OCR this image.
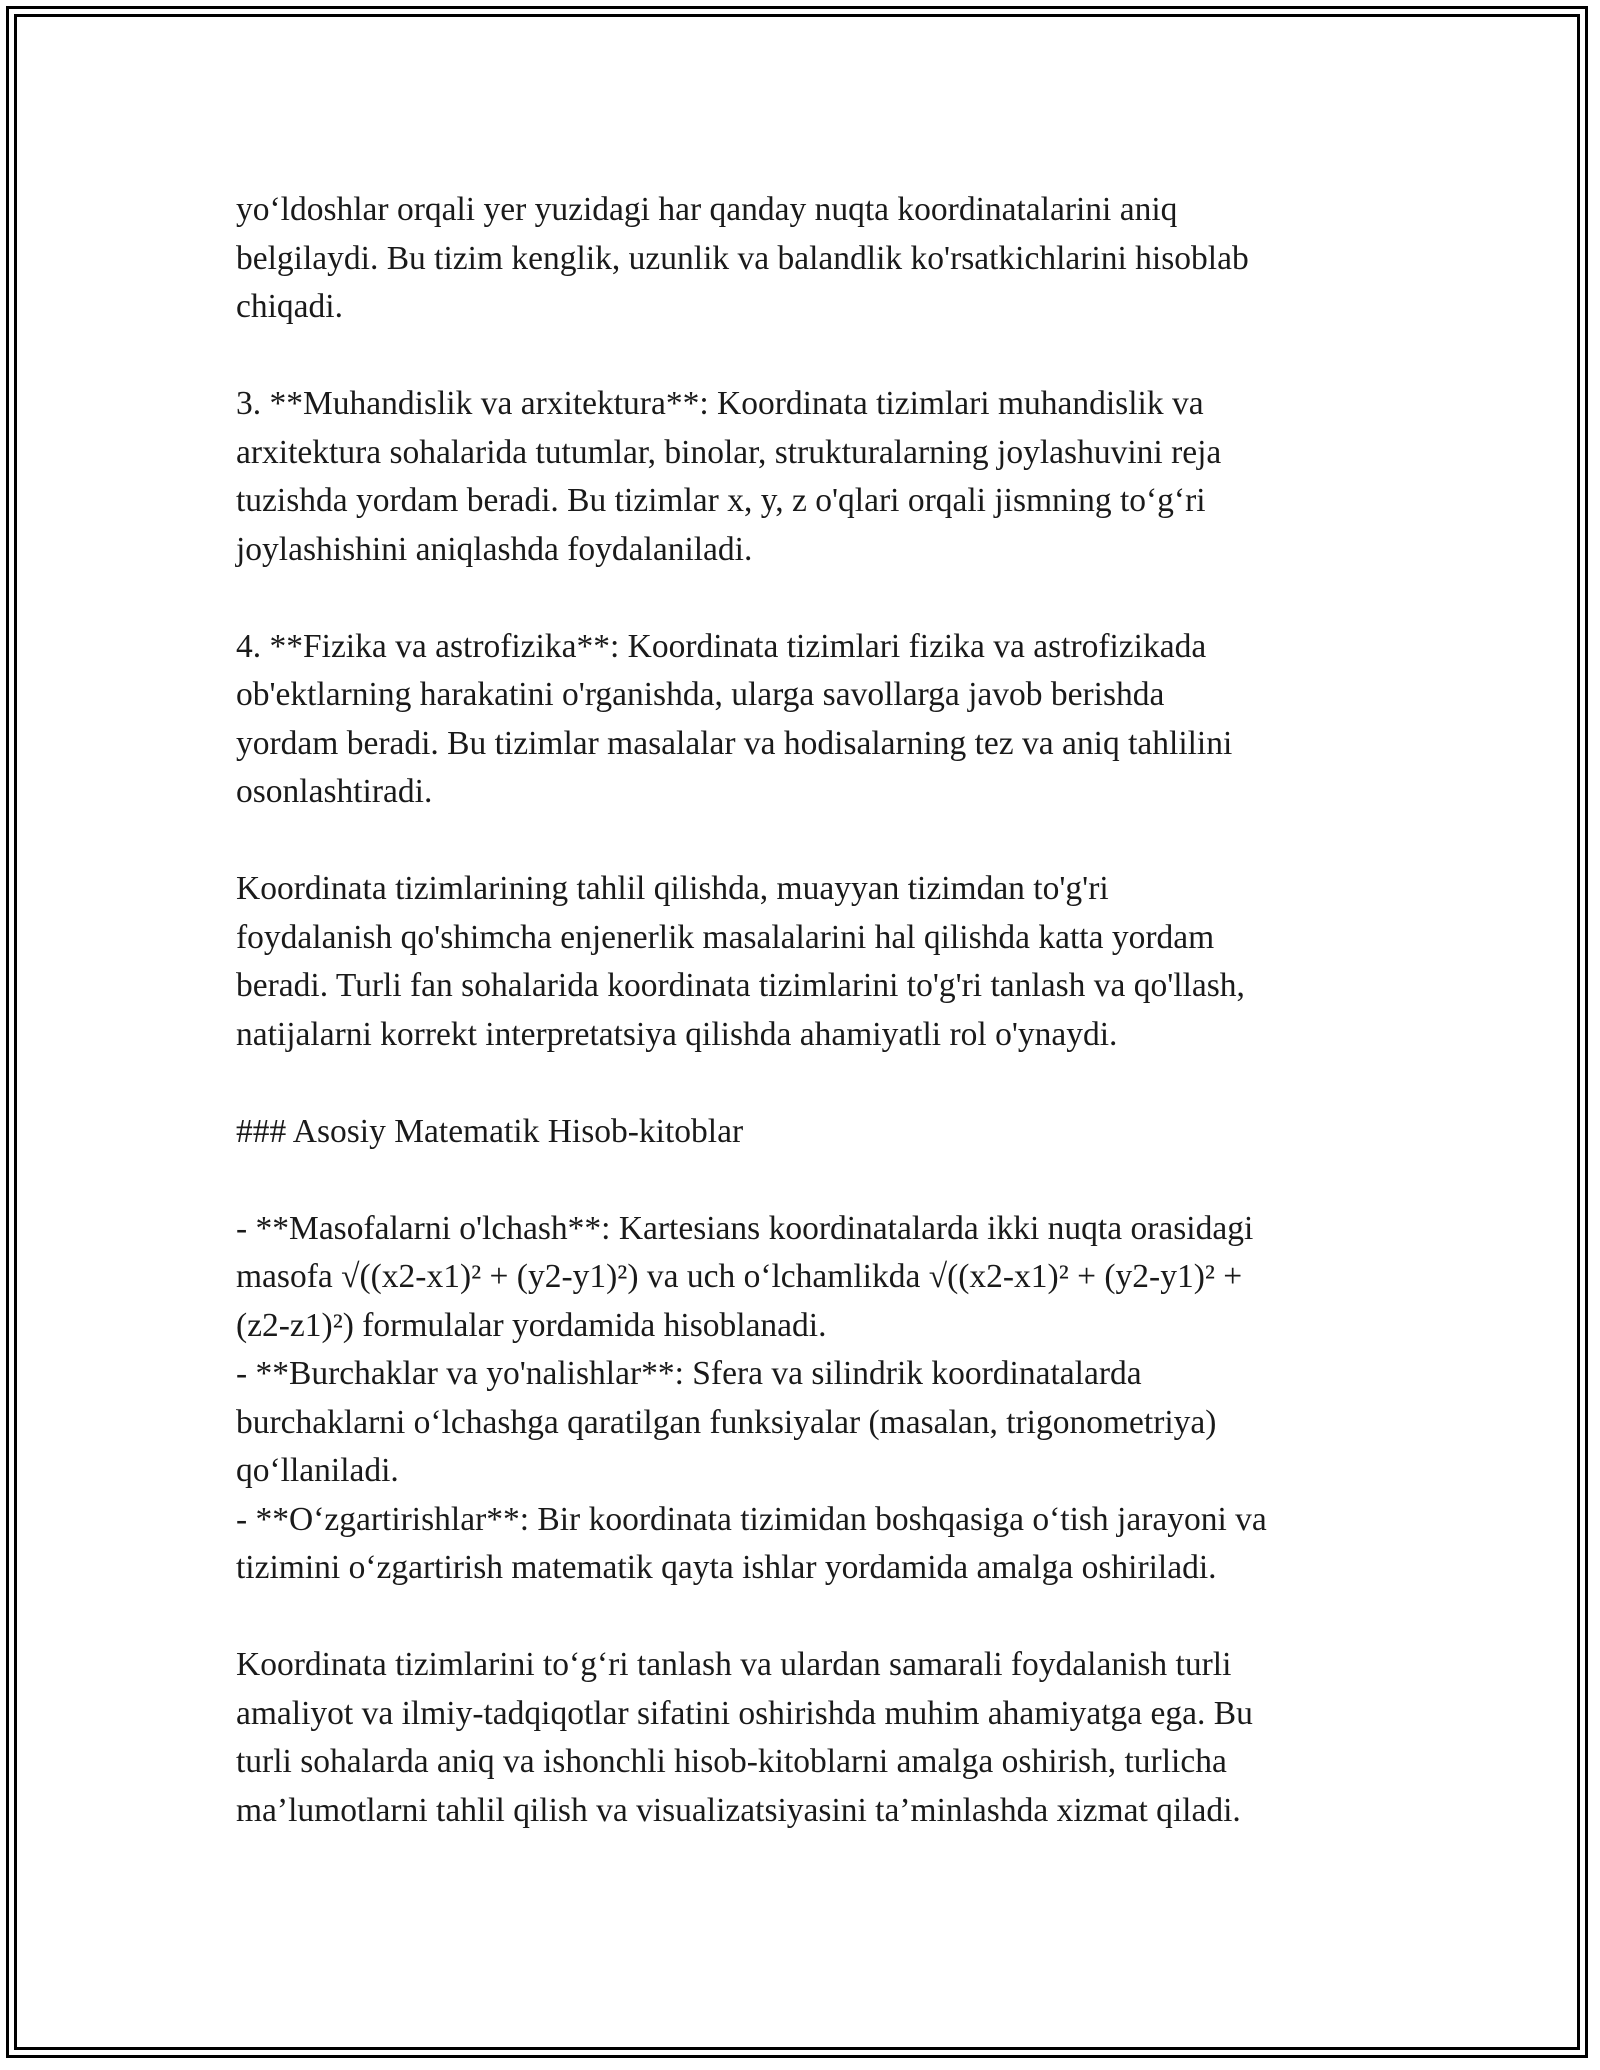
yo‘ldoshlar orqali yer yuzidagi har qanday nuqta koordinatalarini aniq
belgilaydi. Bu tizim kenglik, uzunlik va balandlik ko'rsatkichlarini hisoblab
chiqadi.
3. **Muhandislik va arxitektura**: Koordinata tizimlari muhandislik va
arxitektura sohalarida tutumlar, binolar, strukturalarning joylashuvini reja
tuzishda yordam beradi. Bu tizimlar x, y, z o'qlari orqali jismning to‘g‘ri
joylashishini aniqlashda foydalaniladi.
4. **Fizika va astrofizika**: Koordinata tizimlari fizika va astrofizikada
ob'ektlarning harakatini o'rganishda, ularga savollarga javob berishda
yordam beradi. Bu tizimlar masalalar va hodisalarning tez va aniq tahlilini
osonlashtiradi.
Koordinata tizimlarining tahlil qilishda, muayyan tizimdan to'g'ri
foydalanish qo'shimcha enjenerlik masalalarini hal qilishda katta yordam
beradi. Turli fan sohalarida koordinata tizimlarini to'g'ri tanlash va qo'llash,
natijalarni korrekt interpretatsiya qilishda ahamiyatli rol o'ynaydi.
### Asosiy Matematik Hisob-kitoblar
- **Masofalarni o'lchash**: Kartesians koordinatalarda ikki nuqta orasidagi
masofa √((x2-x1)² + (y2-y1)²) va uch o‘lchamlikda √((x2-x1)² + (y2-y1)² +
(z2-z1)²) formulalar yordamida hisoblanadi.
- **Burchaklar va yo'nalishlar**: Sfera va silindrik koordinatalarda
burchaklarni o‘lchashga qaratilgan funksiyalar (masalan, trigonometriya)
qo‘llaniladi.
- **O‘zgartirishlar**: Bir koordinata tizimidan boshqasiga o‘tish jarayoni va
tizimini o‘zgartirish matematik qayta ishlar yordamida amalga oshiriladi.
Koordinata tizimlarini to‘g‘ri tanlash va ulardan samarali foydalanish turli
amaliyot va ilmiy-tadqiqotlar sifatini oshirishda muhim ahamiyatga ega. Bu
turli sohalarda aniq va ishonchli hisob-kitoblarni amalga oshirish, turlicha
ma’lumotlarni tahlil qilish va visualizatsiyasini ta’minlashda xizmat qiladi.
